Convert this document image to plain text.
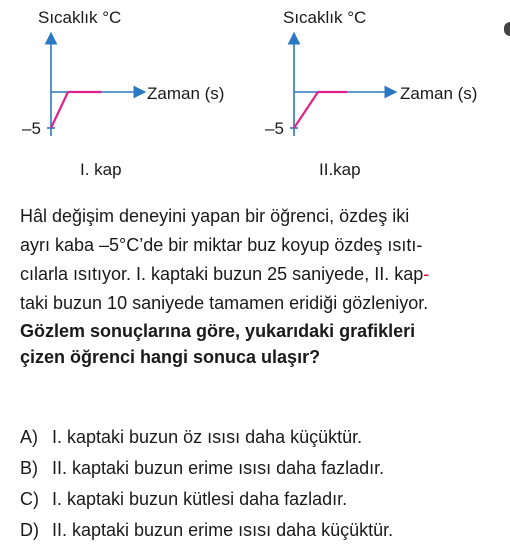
Sıcaklık °C
Zaman (s)
–5
Sıcaklık °C
Zaman (s)
–5
I. kap	II.kap
Hâl değişim deneyini yapan bir öğrenci, özdeş iki
ayrı kaba –5°C’de bir miktar buz koyup özdeş ısıtı-
cılarla ısıtıyor. I. kaptaki buzun 25 saniyede, II. kap-
taki buzun 10 saniyede tamamen eridiği gözleniyor.
Gözlem sonuçlarına göre, yukarıdaki grafikleri
çizen öğrenci hangi sonuca ulaşır?
A) I. kaptaki buzun öz ısısı daha küçüktür.
B) II. kaptaki buzun erime ısısı daha fazladır.
C) I. kaptaki buzun kütlesi daha fazladır.
D) II. kaptaki buzun erime ısısı daha küçüktür.
